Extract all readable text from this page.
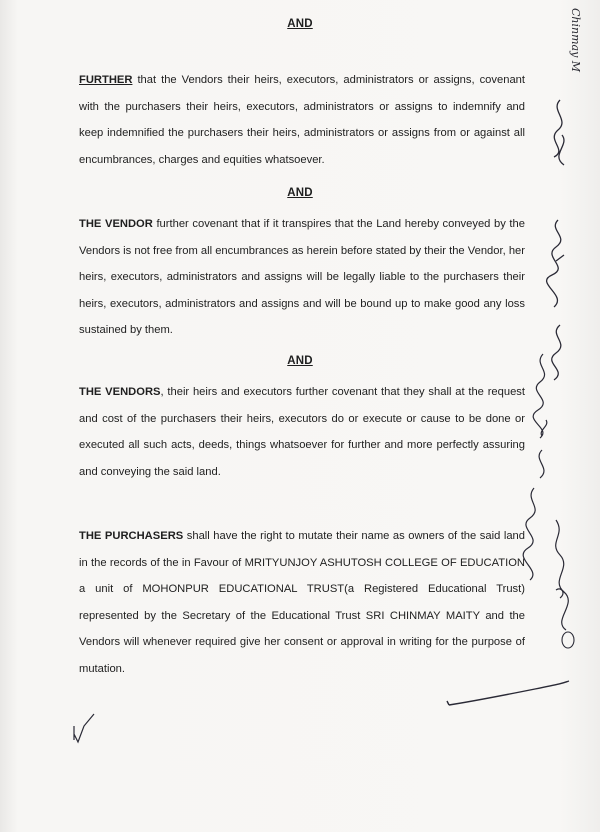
AND
FURTHER that the Vendors their heirs, executors, administrators or assigns, covenant with the purchasers their heirs, executors, administrators or assigns to indemnify and keep indemnified the purchasers their heirs, administrators or assigns from or against all encumbrances, charges and equities whatsoever.
AND
THE VENDOR further covenant that if it transpires that the Land hereby conveyed by the Vendors is not free from all encumbrances as herein before stated by their the Vendor, her heirs, executors, administrators and assigns will be legally liable to the purchasers their heirs, executors, administrators and assigns and will be bound up to make good any loss sustained by them.
AND
THE VENDORS, their heirs and executors further covenant that they shall at the request and cost of the purchasers their heirs, executors do or execute or cause to be done or executed all such acts, deeds, things whatsoever for further and more perfectly assuring and conveying the said land.
THE PURCHASERS shall have the right to mutate their name as owners of the said land in the records of the in Favour of MRITYUNJOY ASHUTOSH COLLEGE OF EDUCATION a unit of MOHONPUR EDUCATIONAL TRUST(a Registered Educational Trust) represented by the Secretary of the Educational Trust SRI CHINMAY MAITY and the Vendors will whenever required give her consent or approval in writing for the purpose of mutation.
Chinmay M
